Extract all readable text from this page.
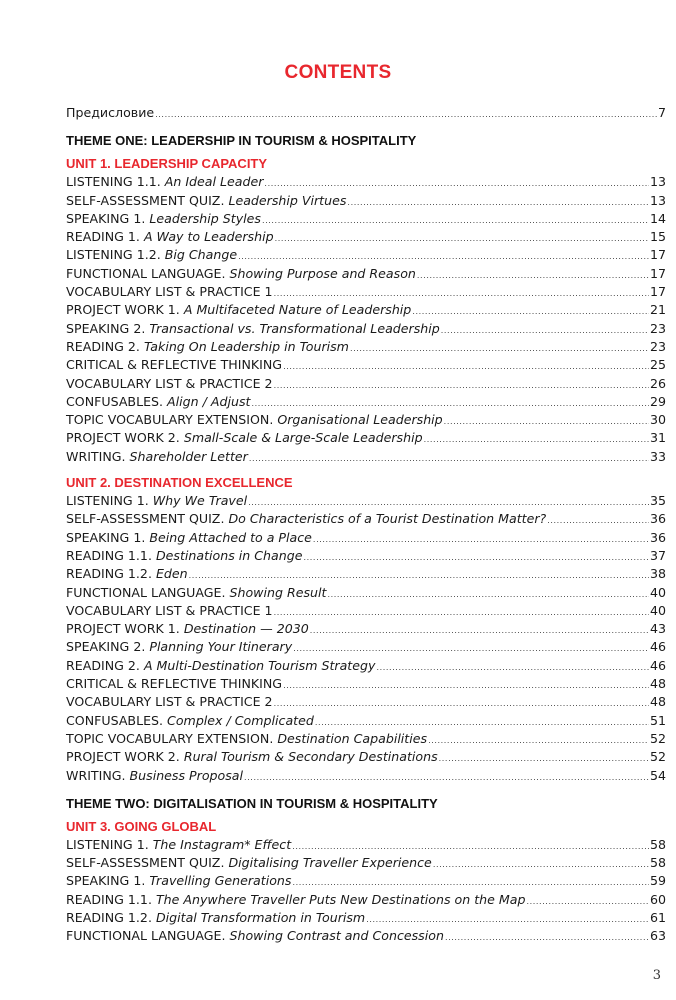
CONTENTS
Предисловие .....	7
THEME ONE: LEADERSHIP IN TOURISM & HOSPITALITY
UNIT 1. LEADERSHIP CAPACITY
LISTENING 1.1. An Ideal Leader .....	13
SELF-ASSESSMENT QUIZ. Leadership Virtues .....	13
SPEAKING 1. Leadership Styles .....	14
READING 1. A Way to Leadership .....	15
LISTENING 1.2. Big Change .....	17
FUNCTIONAL LANGUAGE. Showing Purpose and Reason .....	17
VOCABULARY LIST & PRACTICE 1 .....	17
PROJECT WORK 1. A Multifaceted Nature of Leadership .....	21
SPEAKING 2. Transactional vs. Transformational Leadership .....	23
READING 2. Taking On Leadership in Tourism .....	23
CRITICAL & REFLECTIVE THINKING .....	25
VOCABULARY LIST & PRACTICE 2 .....	26
CONFUSABLES. Align / Adjust .....	29
TOPIC VOCABULARY EXTENSION. Organisational Leadership .....	30
PROJECT WORK 2. Small-Scale & Large-Scale Leadership .....	31
WRITING. Shareholder Letter .....	33
UNIT 2. DESTINATION EXCELLENCE
LISTENING 1. Why We Travel .....	35
SELF-ASSESSMENT QUIZ. Do Characteristics of a Tourist Destination Matter? .....	36
SPEAKING 1. Being Attached to a Place .....	36
READING 1.1. Destinations in Change .....	37
READING 1.2. Eden .....	38
FUNCTIONAL LANGUAGE. Showing Result .....	40
VOCABULARY LIST & PRACTICE 1 .....	40
PROJECT WORK 1. Destination — 2030 .....	43
SPEAKING 2. Planning Your Itinerary .....	46
READING 2. A Multi-Destination Tourism Strategy .....	46
CRITICAL & REFLECTIVE THINKING .....	48
VOCABULARY LIST & PRACTICE 2 .....	48
CONFUSABLES. Complex / Complicated .....	51
TOPIC VOCABULARY EXTENSION. Destination Capabilities .....	52
PROJECT WORK 2. Rural Tourism & Secondary Destinations .....	52
WRITING. Business Proposal .....	54
THEME TWO: DIGITALISATION IN TOURISM & HOSPITALITY
UNIT 3. GOING GLOBAL
LISTENING 1. The Instagram* Effect .....	58
SELF-ASSESSMENT QUIZ. Digitalising Traveller Experience .....	58
SPEAKING 1. Travelling Generations .....	59
READING 1.1. The Anywhere Traveller Puts New Destinations on the Map .....	60
READING 1.2. Digital Transformation in Tourism .....	61
FUNCTIONAL LANGUAGE. Showing Contrast and Concession .....	63
3
